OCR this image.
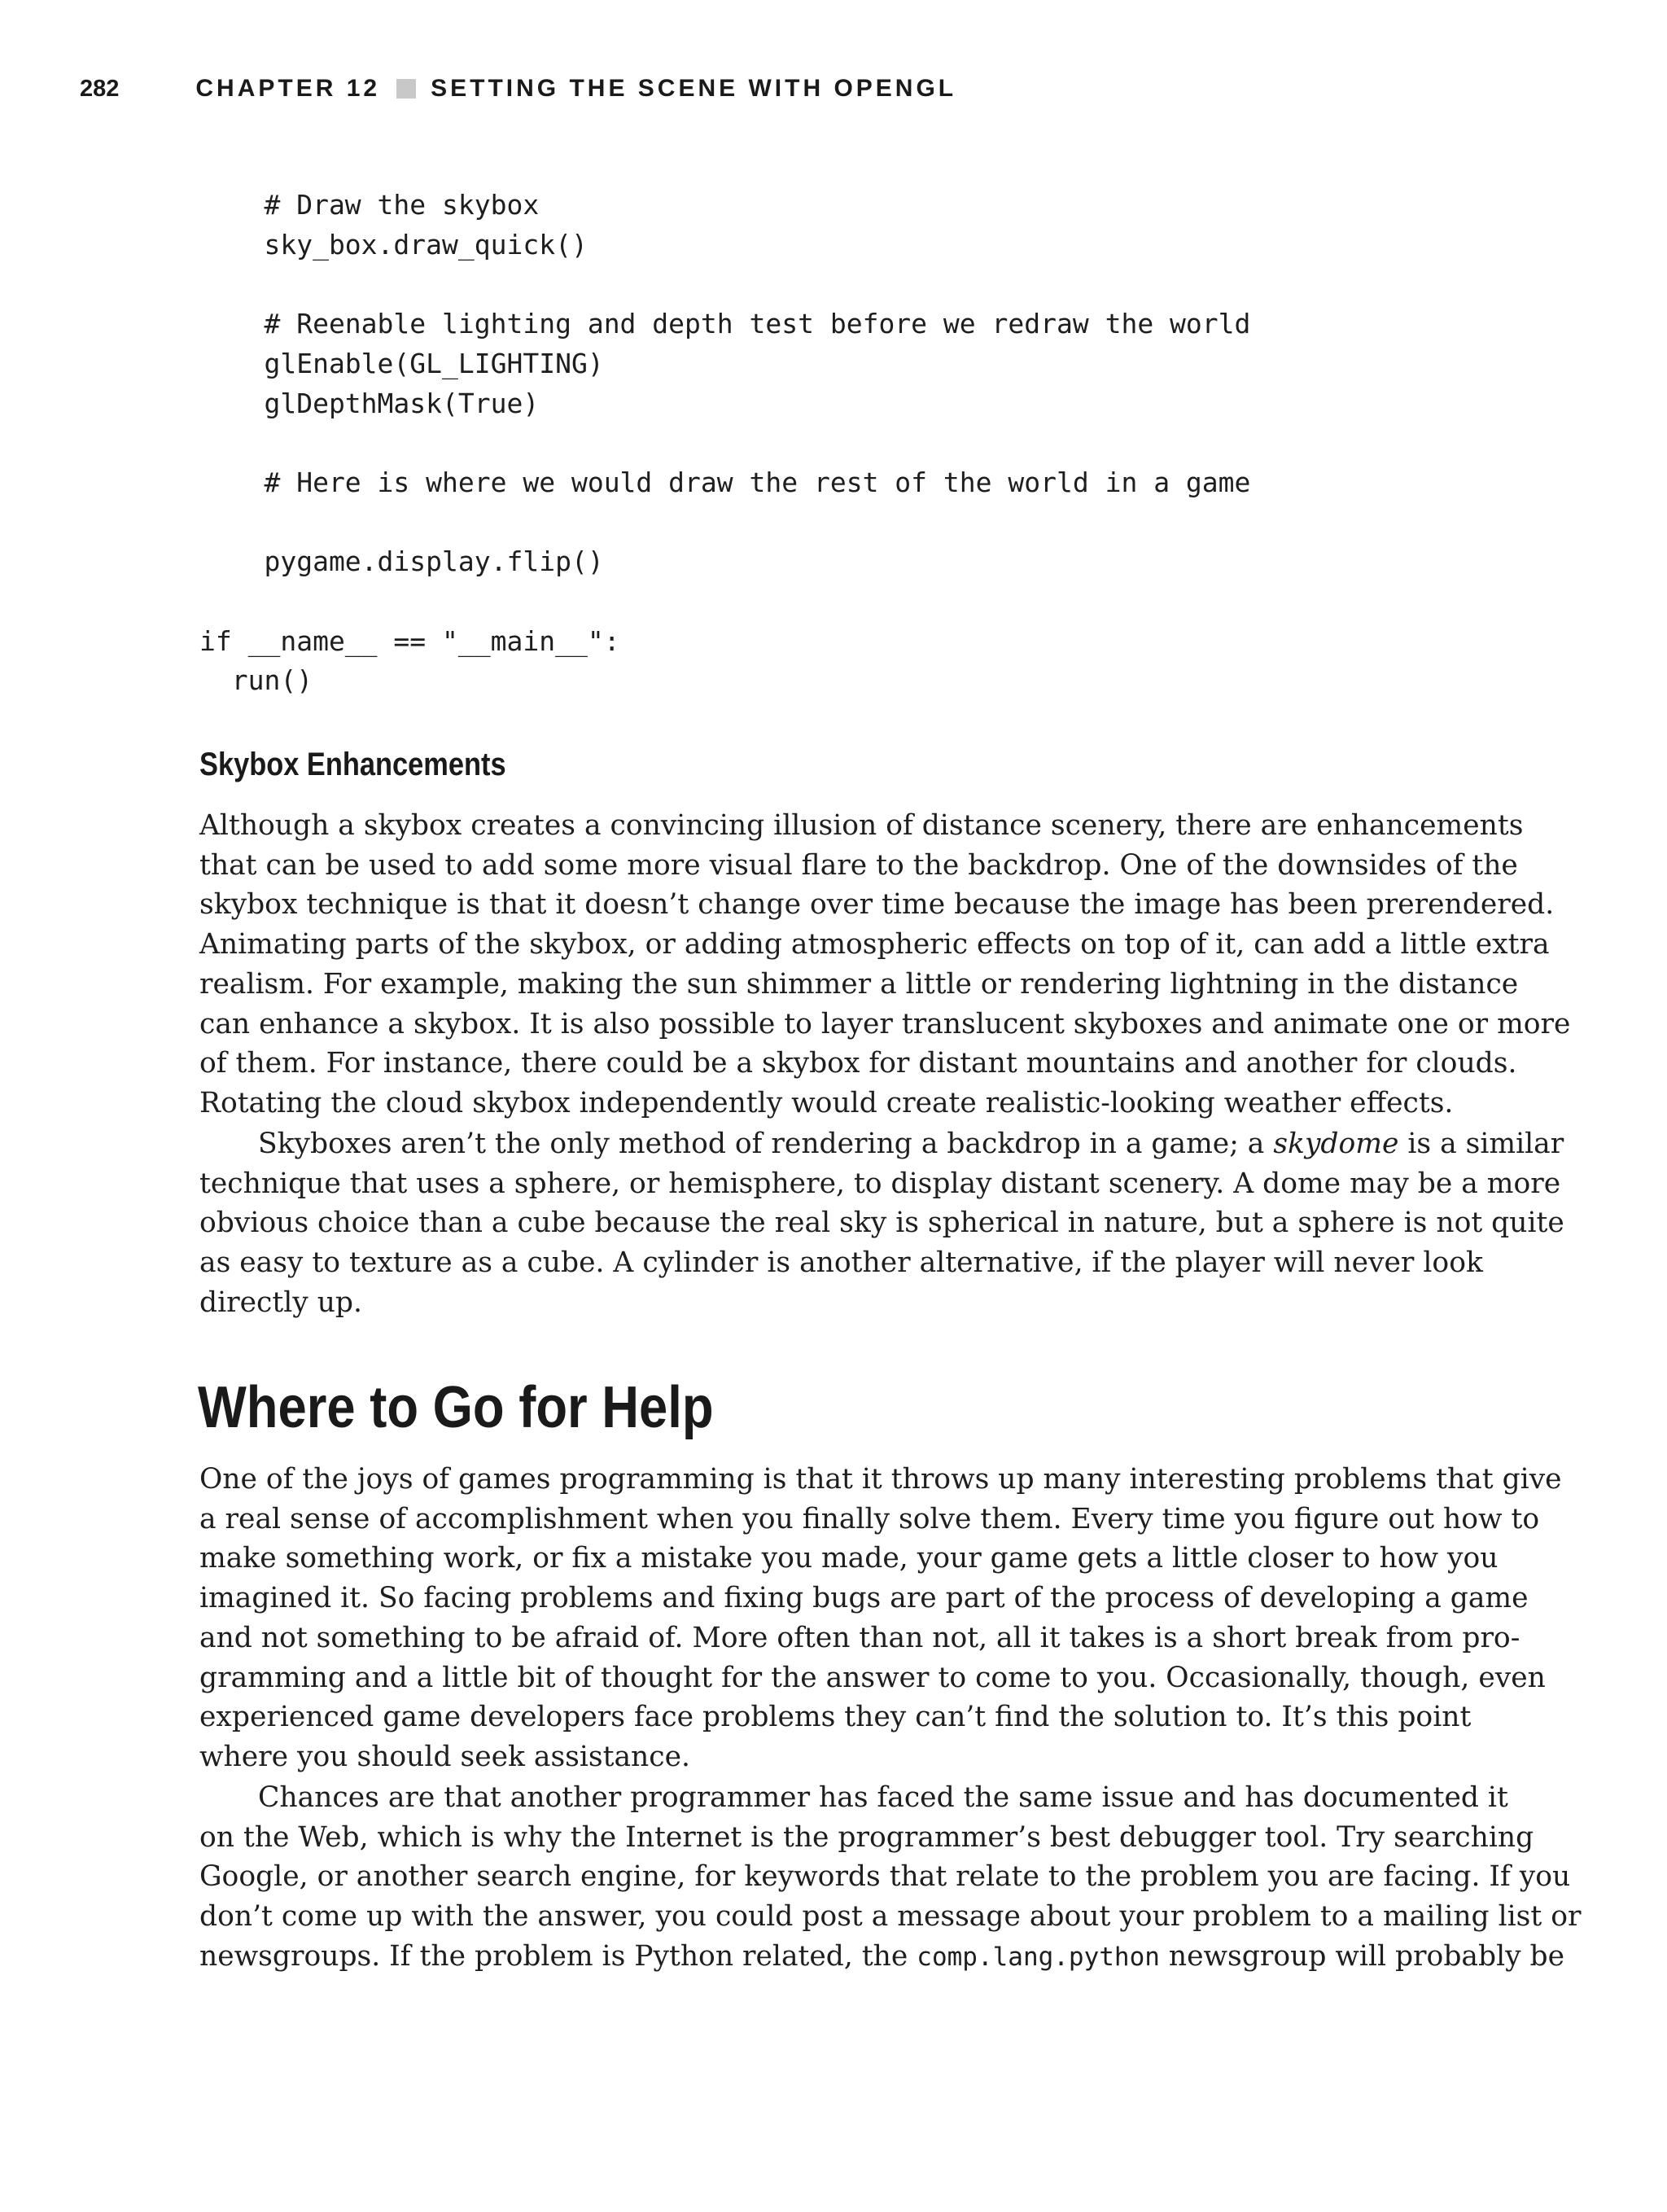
282	CHAPTER 12 SETTING THE SCENE WITH OPENGL
# Draw the skybox
sky_box.draw_quick()

# Reenable lighting and depth test before we redraw the world
glEnable(GL_LIGHTING)
glDepthMask(True)

# Here is where we would draw the rest of the world in a game

pygame.display.flip()

if __name__ == "__main__":
run()
Skybox Enhancements
Although a skybox creates a convincing illusion of distance scenery, there are enhancements
that can be used to add some more visual flare to the backdrop. One of the downsides of the
skybox technique is that it doesn’t change over time because the image has been prerendered.
Animating parts of the skybox, or adding atmospheric effects on top of it, can add a little extra
realism. For example, making the sun shimmer a little or rendering lightning in the distance
can enhance a skybox. It is also possible to layer translucent skyboxes and animate one or more
of them. For instance, there could be a skybox for distant mountains and another for clouds.
Rotating the cloud skybox independently would create realistic-looking weather effects.
Skyboxes aren’t the only method of rendering a backdrop in a game; a skydome is a similar
technique that uses a sphere, or hemisphere, to display distant scenery. A dome may be a more
obvious choice than a cube because the real sky is spherical in nature, but a sphere is not quite
as easy to texture as a cube. A cylinder is another alternative, if the player will never look
directly up.
Where to Go for Help
One of the joys of games programming is that it throws up many interesting problems that give
a real sense of accomplishment when you finally solve them. Every time you figure out how to
make something work, or fix a mistake you made, your game gets a little closer to how you
imagined it. So facing problems and fixing bugs are part of the process of developing a game
and not something to be afraid of. More often than not, all it takes is a short break from pro-
gramming and a little bit of thought for the answer to come to you. Occasionally, though, even
experienced game developers face problems they can’t find the solution to. It’s this point
where you should seek assistance.
Chances are that another programmer has faced the same issue and has documented it
on the Web, which is why the Internet is the programmer’s best debugger tool. Try searching
Google, or another search engine, for keywords that relate to the problem you are facing. If you
don’t come up with the answer, you could post a message about your problem to a mailing list or
newsgroups. If the problem is Python related, the comp.lang.python newsgroup will probably be
